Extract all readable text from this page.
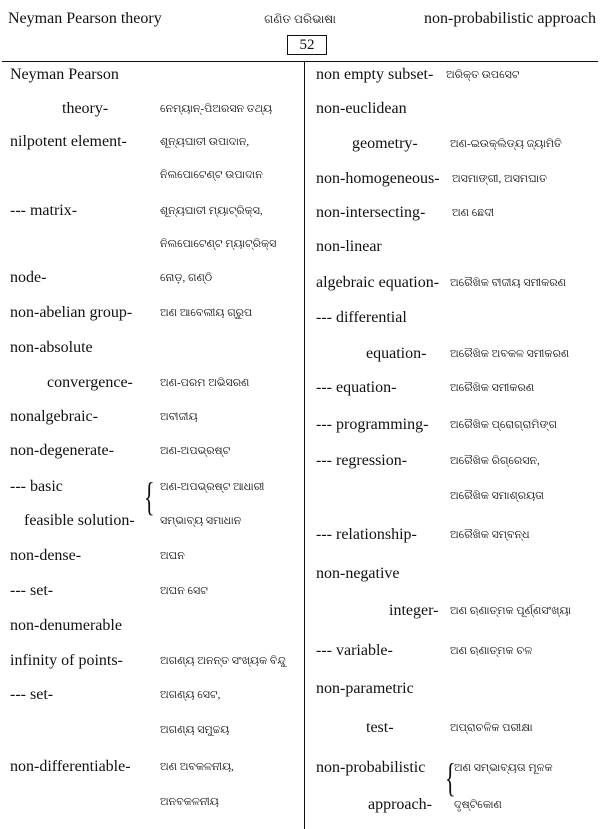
Neyman Pearson theory	ଗଣିତ ପରିଭାଷା	non-probabilistic approach
52
Neyman Pearson
theory-	ନେମ୍ୟାନ୍-ପିଅରସନ ତଥ୍ୟ
nilpotent element-	ଶୂନ୍ୟଘାତୀ ଉପାଦାନ,
ନିଲପୋଟେଣ୍ଟ ଉପାଦାନ
--- matrix-	ଶୂନ୍ୟଘାତୀ ମ୍ୟାଟ୍ରିକ୍ସ,
ନିଲପୋଟେଣ୍ଟ ମ୍ୟାଟ୍ରିକ୍ସ
node-	ନୋଡ଼, ଗଣ୍ଠି
non-abelian group-	ଅଣ ଆବେଲୀୟ ଗ୍ରୁପ
non-absolute
convergence- ଅଣ-ପରମ ଅଭିସରଣ
nonalgebraic-	ଅବୀଜୀୟ
non-degenerate-	ଅଣ-ଅପଭ୍ରଷ୍ଟ
--- basic	ଅଣ-ଅପଭ୍ରଷ୍ଟ ଆଧାରୀ
{
feasible solution- ସମ୍ଭାବ୍ୟ ସମାଧାନ
non-dense-	ଅଘନ
--- set-	ଅଘନ ସେଟ
non-denumerable
infinity of points-	ଅଗଣ୍ୟ ଅନନ୍ତ ସଂଖ୍ୟକ ବିନ୍ଦୁ
--- set-	ଅଗଣ୍ୟ ସେଟ,
ଅଗଣ୍ୟ ସମୁଚ୍ଚୟ
non-differentiable-	ଅଣ ଅବକଳନୀୟ,
ଅନବକଳନୀୟ
non empty subset- ଅରିକ୍ତ ଉପସେଟ
non-euclidean
geometry-	ଅଣ-ଇଉକ୍ଲିଡ୍ୟ ଜ୍ୟାମିତି
non-homogeneous- ଅସମାଙ୍ଗୀ, ଅସମଘାତ
non-intersecting- ଅଣ ଛେଦୀ
non-linear
algebraic equation- ଅରୈଖିକ ବୀଜୀୟ ସମୀକରଣ
--- differential
equation- ଅରୈଖିକ ଅବକଳ ସମୀକରଣ
--- equation-	ଅରୈଖିକ ସମୀକରଣ
--- programming- ଅରୈଖିକ ପ୍ରୋଗ୍ରାମିଙ୍ଗ
--- regression-	ଅରୈଖିକ ରିଗ୍ରେସନ,
ଅରୈଖିକ ସମାଶ୍ରୟତା
--- relationship-	ଅରୈଖିକ ସମ୍ବନ୍ଧ
non-negative
integer- ଅଣ ଋଣାତ୍ମକ ପୂର୍ଣ୍ଣସଂଖ୍ୟା
--- variable-	ଅଣ ଋଣାତ୍ମକ ଚଳ
non-parametric
test-	ଅପ୍ରାଚଳିକ ପରୀକ୍ଷା
non-probabilistic	ଅଣ ସମ୍ଭାବ୍ୟତା ମୂଳକ
{
approach- ଦୃଷ୍ଟିକୋଣ
